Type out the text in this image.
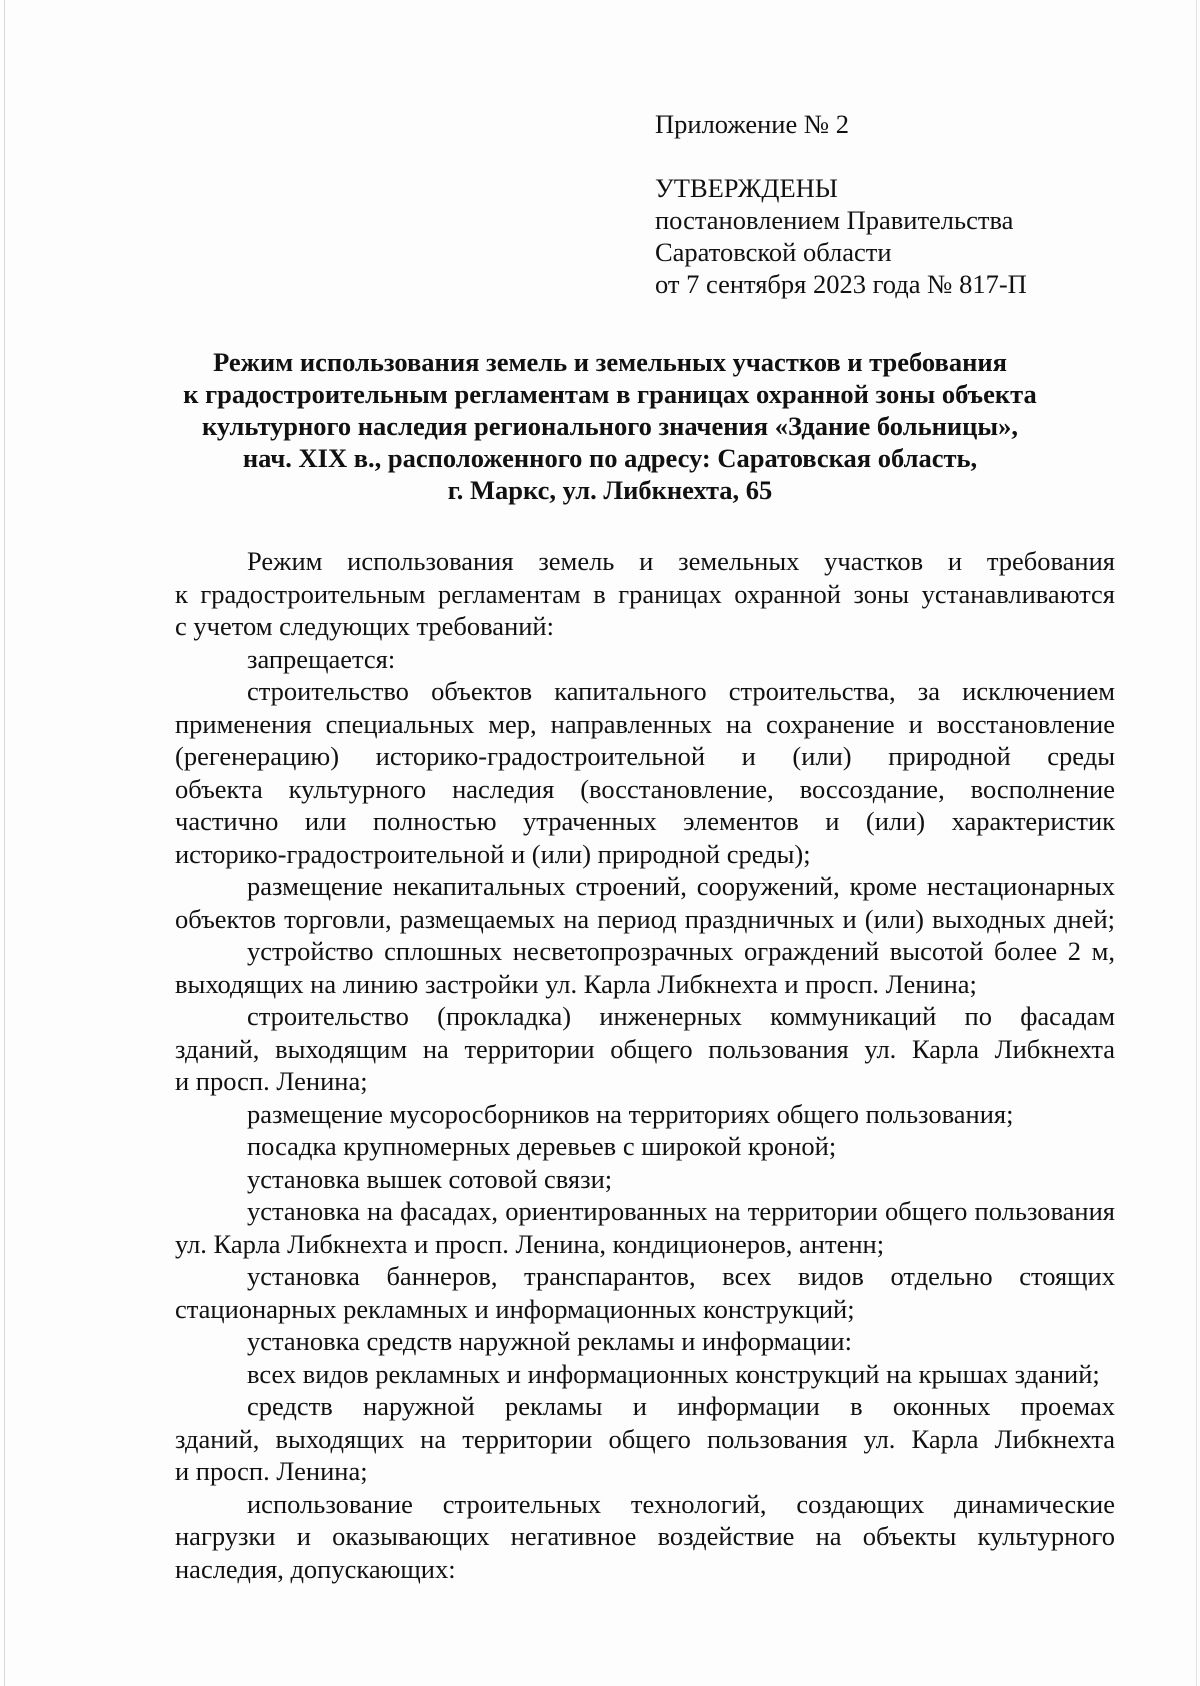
Приложение № 2
УТВЕРЖДЕНЫ
постановлением Правительства
Саратовской области
от 7 сентября 2023 года № 817-П
Режим использования земель и земельных участков и требования
к градостроительным регламентам в границах охранной зоны объекта
культурного наследия регионального значения «Здание больницы»,
нач. XIX в., расположенного по адресу: Саратовская область,
г. Маркс, ул. Либкнехта, 65
Режим использования земель и земельных участков и требования
к градостроительным регламентам в границах охранной зоны устанавливаются
с учетом следующих требований:
запрещается:
строительство объектов капитального строительства, за исключением
применения специальных мер, направленных на сохранение и восстановление
(регенерацию) историко-градостроительной и (или) природной среды
объекта культурного наследия (восстановление, воссоздание, восполнение
частично или полностью утраченных элементов и (или) характеристик
историко-градостроительной и (или) природной среды);
размещение некапитальных строений, сооружений, кроме нестационарных
объектов торговли, размещаемых на период праздничных и (или) выходных дней;
устройство сплошных несветопрозрачных ограждений высотой более 2 м,
выходящих на линию застройки ул. Карла Либкнехта и просп. Ленина;
строительство (прокладка) инженерных коммуникаций по фасадам
зданий, выходящим на территории общего пользования ул. Карла Либкнехта
и просп. Ленина;
размещение мусоросборников на территориях общего пользования;
посадка крупномерных деревьев с широкой кроной;
установка вышек сотовой связи;
установка на фасадах, ориентированных на территории общего пользования
ул. Карла Либкнехта и просп. Ленина, кондиционеров, антенн;
установка баннеров, транспарантов, всех видов отдельно стоящих
стационарных рекламных и информационных конструкций;
установка средств наружной рекламы и информации:
всех видов рекламных и информационных конструкций на крышах зданий;
средств наружной рекламы и информации в оконных проемах
зданий, выходящих на территории общего пользования ул. Карла Либкнехта
и просп. Ленина;
использование строительных технологий, создающих динамические
нагрузки и оказывающих негативное воздействие на объекты культурного
наследия, допускающих:
